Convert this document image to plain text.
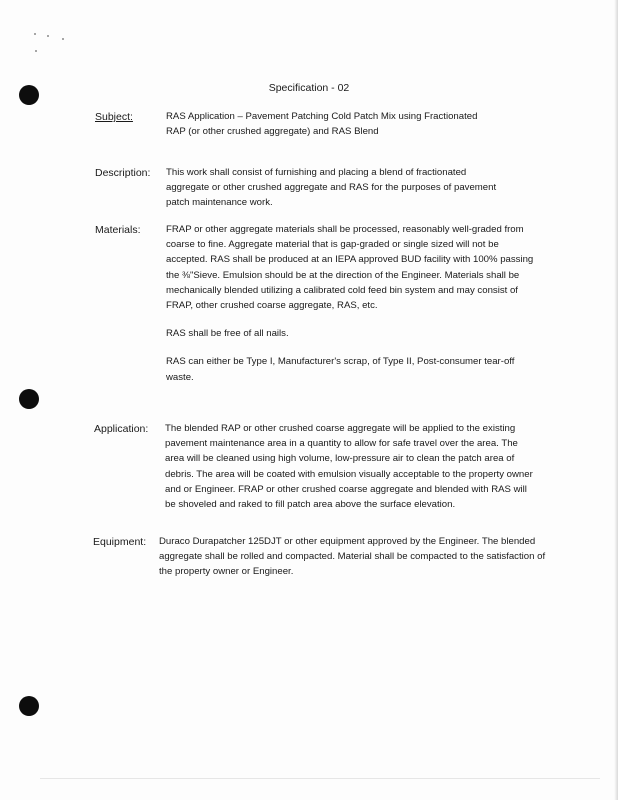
Specification - 02
Subject:	RAS Application – Pavement Patching Cold Patch Mix using Fractionated RAP (or other crushed aggregate) and RAS Blend

Description: This work shall consist of furnishing and placing a blend of fractionated aggregate or other crushed aggregate and RAS for the purposes of pavement patch maintenance work.

Materials:	FRAP or other aggregate materials shall be processed, reasonably well-graded from coarse to fine. Aggregate material that is gap-graded or single sized will not be accepted. RAS shall be produced at an IEPA approved BUD facility with 100% passing the ⅜"Sieve. Emulsion should be at the direction of the Engineer. Materials shall be mechanically blended utilizing a calibrated cold feed bin system and may consist of FRAP, other crushed coarse aggregate, RAS, etc.

RAS shall be free of all nails.

RAS can either be Type I, Manufacturer's scrap, of Type II, Post-consumer tear-off waste.

Application: The blended RAP or other crushed coarse aggregate will be applied to the existing pavement maintenance area in a quantity to allow for safe travel over the area. The area will be cleaned using high volume, low-pressure air to clean the patch area of debris. The area will be coated with emulsion visually acceptable to the property owner and or Engineer. FRAP or other crushed coarse aggregate and blended with RAS will be shoveled and raked to fill patch area above the surface elevation.

Equipment: Duraco Durapatcher 125DJT or other equipment approved by the Engineer. The blended aggregate shall be rolled and compacted. Material shall be compacted to the satisfaction of the property owner or Engineer.
